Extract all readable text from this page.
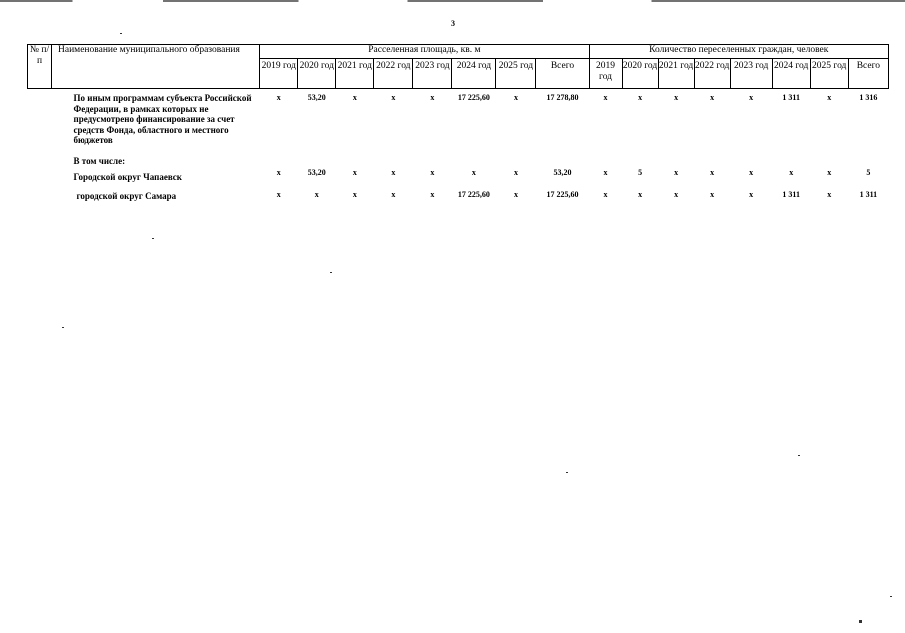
3
№ п/п	Наименование муниципального образования	Расселенная площадь, кв. м								Количество переселенных граждан, человек							
		2019 год	2020 год	2021 год	2022 год	2023 год	2024 год	2025 год	Всего	2019 год	2020 год	2021 год	2022 год	2023 год	2024 год	2025 год	Всего
	По иным программам субъекта Российской Федерации, в рамках которых не предусмотрено финансирование за счет средств Фонда, областного и местного бюджетов	х	53,20	х	х	х	17 225,60	х	17 278,80	х	х	х	х	х	1 311	х	1 316
	В том числе:																
	Городской округ Чапаевск	х	53,20	х	х	х	х	х	53,20	х	5	х	х	х	х	х	5
	городской округ Самара	х	х	х	х	х	17 225,60	х	17 225,60	х	х	х	х	х	1 311	х	1 311
